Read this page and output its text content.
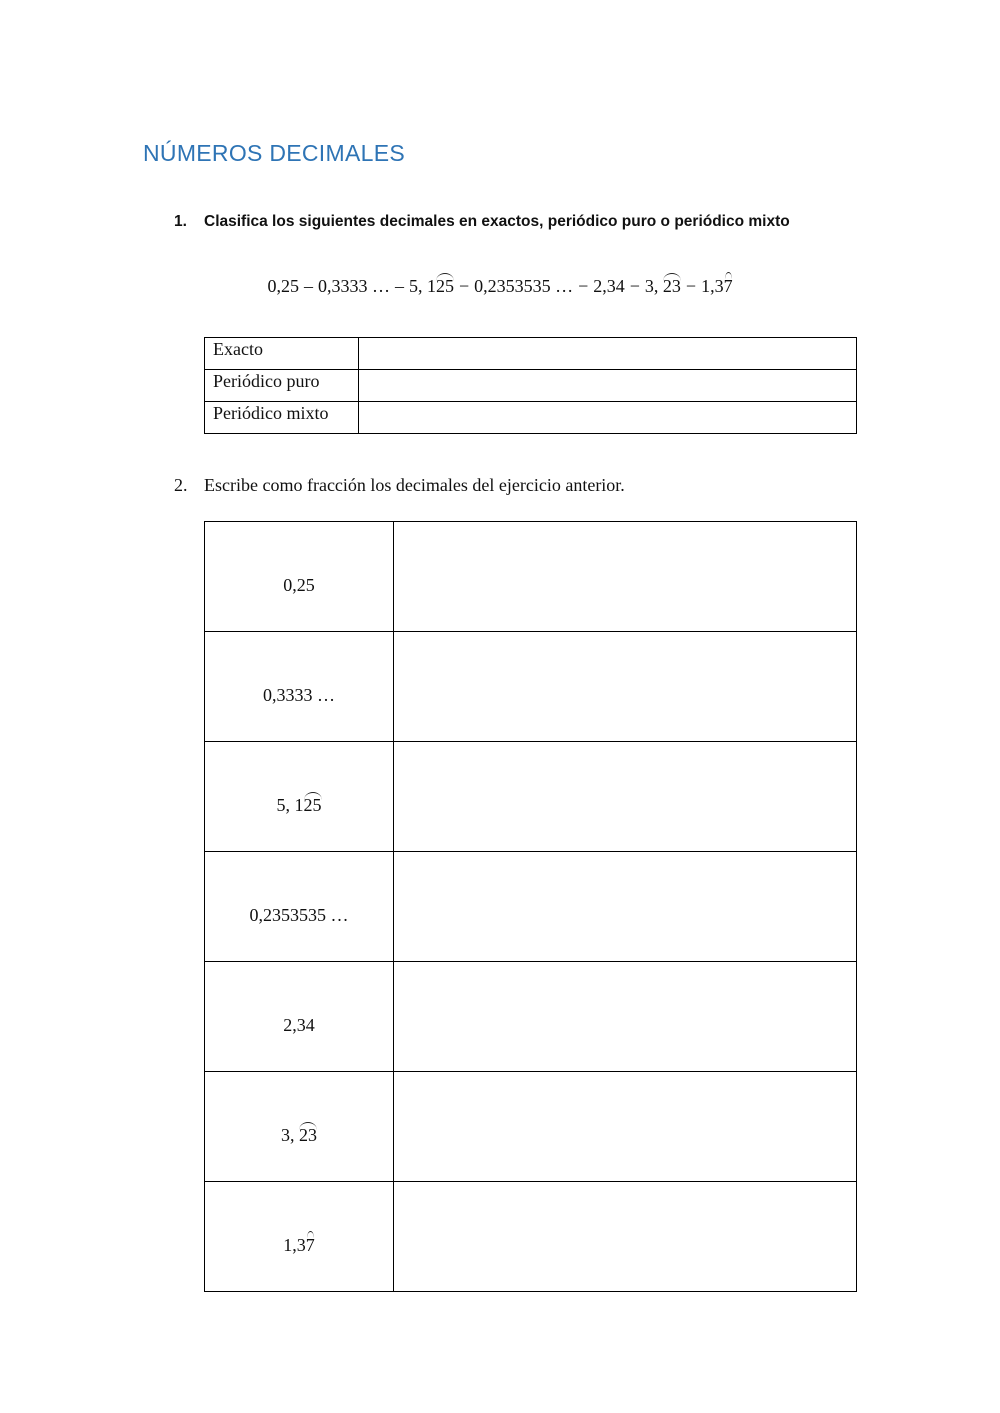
NÚMEROS DECIMALES

1. Clasifica los siguientes decimales en exactos, periódico puro o periódico mixto

0,25 – 0,3333 … – 5, 125 − 0,2353535 … − 2,34 − 3, 23 − 1,37
Exacto	
Periódico puro	
Periódico mixto	

2. Escribe como fracción los decimales del ejercicio anterior.

0,25	
0,3333 …	
5, 125	
0,2353535 …	
2,34	
3, 23	
1,37	
